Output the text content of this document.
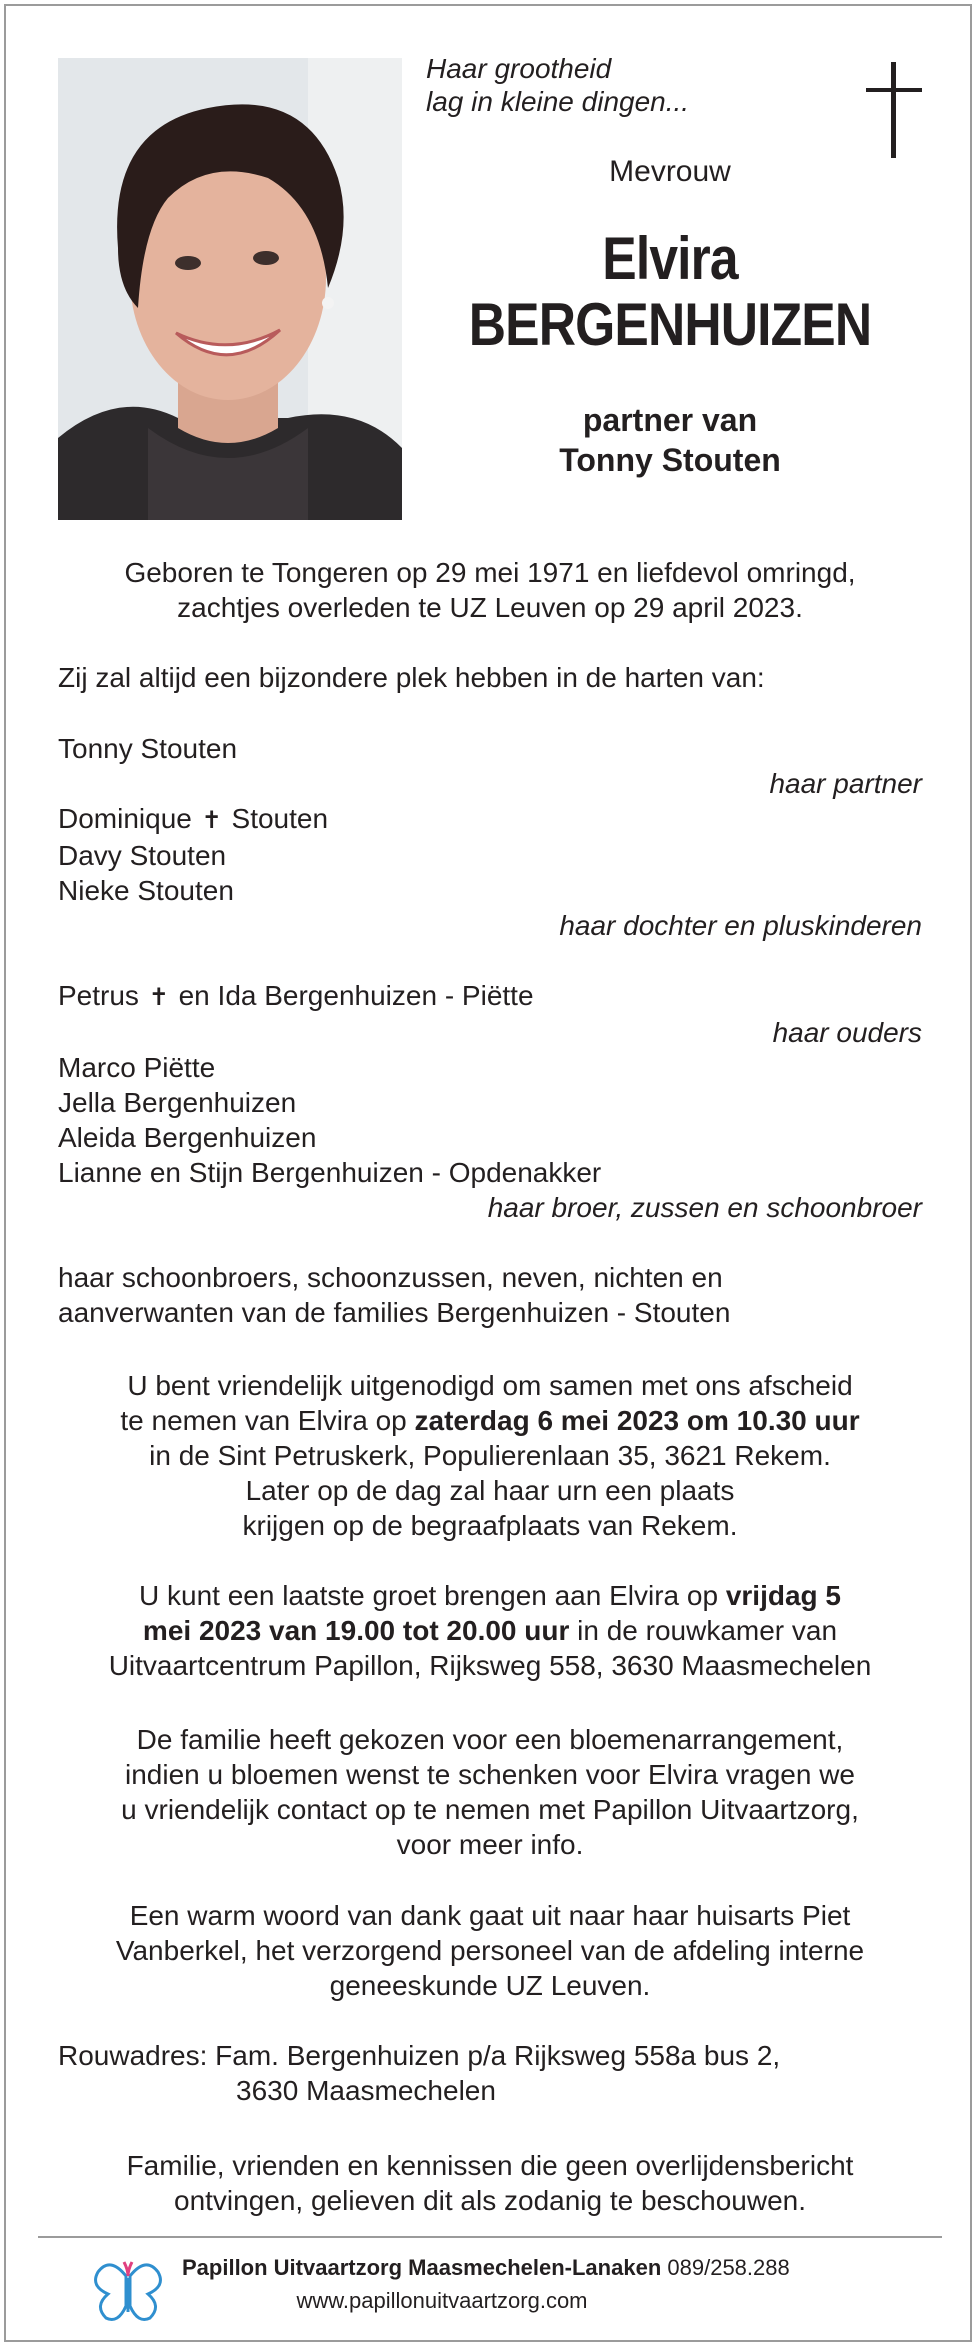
Haar grootheid
lag in kleine dingen...
Mevrouw
Elvira
BERGENHUIZEN
partner van
Tonny Stouten
Geboren te Tongeren op 29 mei 1971 en liefdevol omringd,
zachtjes overleden te UZ Leuven op 29 april 2023.
Zij zal altijd een bijzondere plek hebben in de harten van:
Tonny Stouten
haar partner
Dominique ✝ Stouten
Davy Stouten
Nieke Stouten
haar dochter en pluskinderen
Petrus ✝ en Ida Bergenhuizen - Piëtte
haar ouders
Marco Piëtte
Jella Bergenhuizen
Aleida Bergenhuizen
Lianne en Stijn Bergenhuizen - Opdenakker
haar broer, zussen en schoonbroer
haar schoonbroers, schoonzussen, neven, nichten en
aanverwanten van de families Bergenhuizen - Stouten
U bent vriendelijk uitgenodigd om samen met ons afscheid
te nemen van Elvira op zaterdag 6 mei 2023 om 10.30 uur
in de Sint Petruskerk, Populierenlaan 35, 3621 Rekem.
Later op de dag zal haar urn een plaats
krijgen op de begraafplaats van Rekem.
U kunt een laatste groet brengen aan Elvira op vrijdag 5
mei 2023 van 19.00 tot 20.00 uur in de rouwkamer van
Uitvaartcentrum Papillon, Rijksweg 558, 3630 Maasmechelen
De familie heeft gekozen voor een bloemenarrangement,
indien u bloemen wenst te schenken voor Elvira vragen we
u vriendelijk contact op te nemen met Papillon Uitvaartzorg,
voor meer info.
Een warm woord van dank gaat uit naar haar huisarts Piet
Vanberkel, het verzorgend personeel van de afdeling interne
geneeskunde UZ Leuven.
Rouwadres: Fam. Bergenhuizen p/a Rijksweg 558a bus 2,
3630 Maasmechelen
Familie, vrienden en kennissen die geen overlijdensbericht
ontvingen, gelieven dit als zodanig te beschouwen.
Papillon Uitvaartzorg Maasmechelen-Lanaken 089/258.288
www.papillonuitvaartzorg.com
